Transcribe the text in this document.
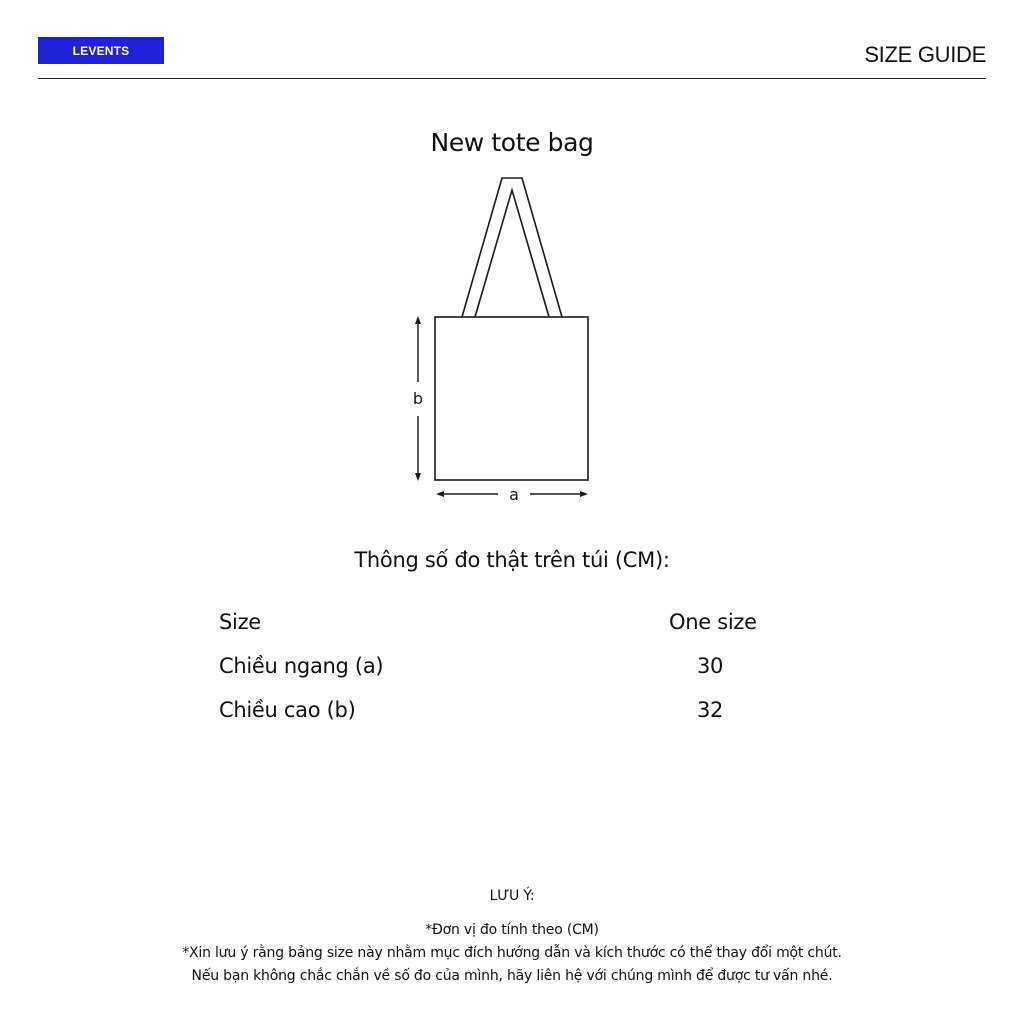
LEVENTS	SIZE GUIDE
New tote bag
b
a
Thông số đo thật trên túi (CM):
Size	One size
Chiều ngang (a)	30
Chiều cao (b)	32
LƯU Ý:
*Đơn vị đo tính theo (CM)
*Xin lưu ý rằng bảng size này nhằm mục đích hướng dẫn và kích thước có thể thay đổi một chút.
Nếu bạn không chắc chắn về số đo của mình, hãy liên hệ với chúng mình để được tư vấn nhé.
